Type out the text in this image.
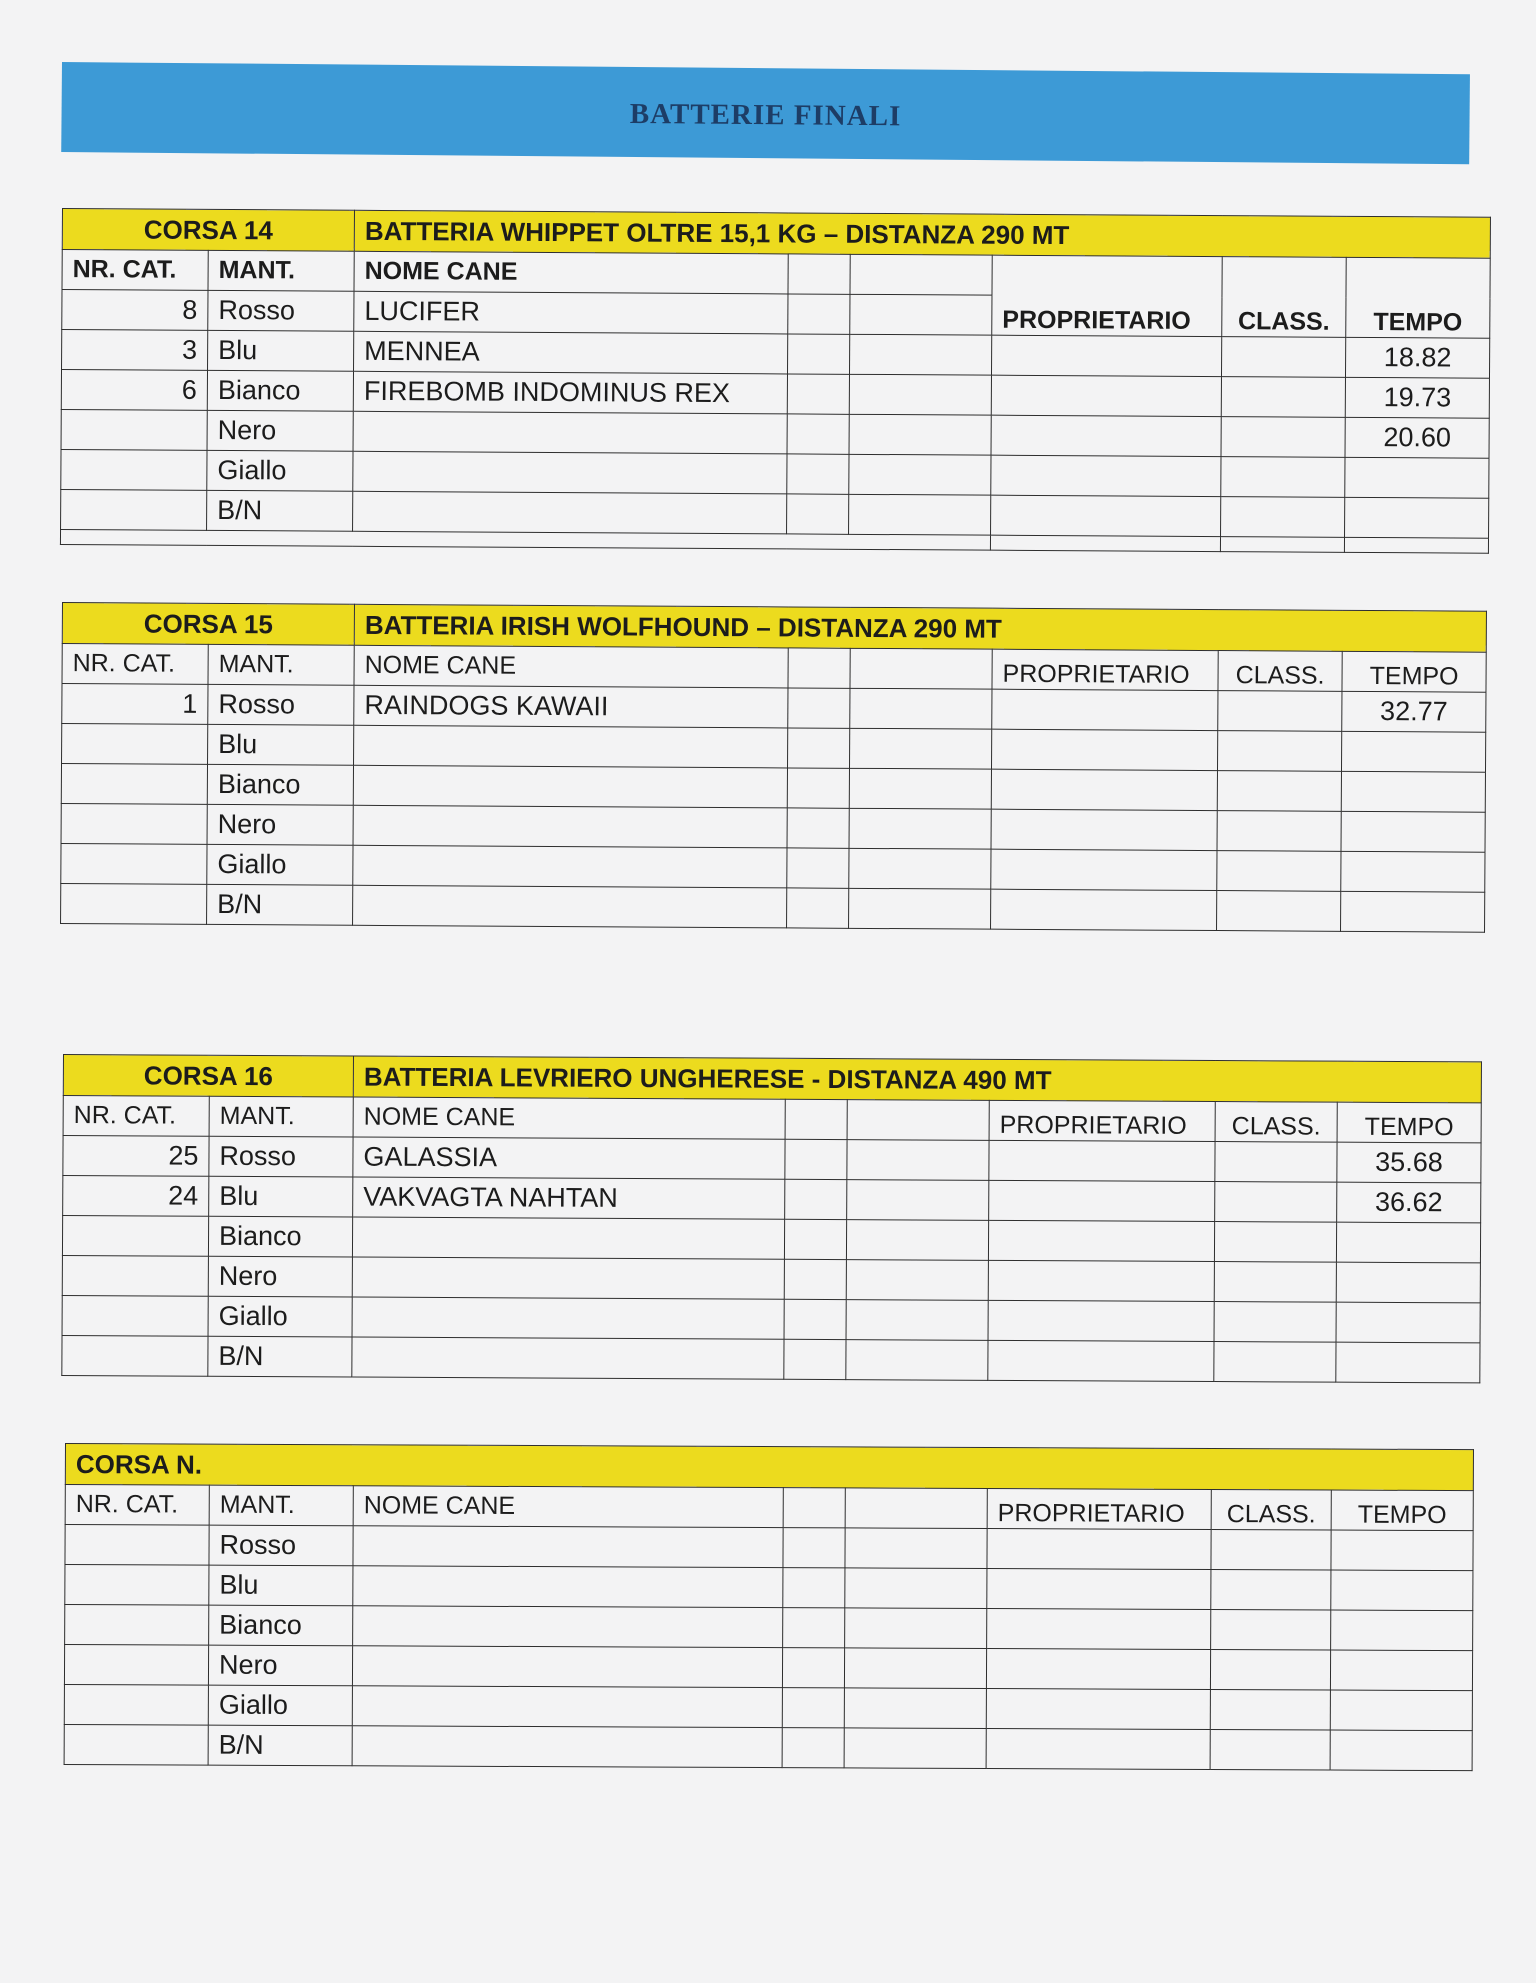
BATTERIE FINALI
CORSA 14		BATTERIA WHIPPET OLTRE 15,1 KG – DISTANZA 290 MT					
NR. CAT.	MANT.	NOME CANE			PROPRIETARIO	CLASS.	TEMPO
8	Rosso	LUCIFER					
3	Blu	MENNEA					18.82
6	Bianco	FIREBOMB INDOMINUS REX					19.73
	Nero						20.60
	Giallo						
	B/N						

CORSA 15		BATTERIA IRISH WOLFHOUND – DISTANZA 290 MT					
NR. CAT.	MANT.	NOME CANE			PROPRIETARIO	CLASS.	TEMPO
1	Rosso	RAINDOGS KAWAII					32.77
	Blu						
	Bianco						
	Nero						
	Giallo						
	B/N						
CORSA 16		BATTERIA LEVRIERO UNGHERESE - DISTANZA 490 MT					
NR. CAT.	MANT.	NOME CANE			PROPRIETARIO	CLASS.	TEMPO
25	Rosso	GALASSIA					35.68
24	Blu	VAKVAGTA NAHTAN					36.62
	Bianco						
	Nero						
	Giallo						
	B/N						
CORSA N.							
NR. CAT.	MANT.	NOME CANE			PROPRIETARIO	CLASS.	TEMPO
	Rosso						
	Blu						
	Bianco						
	Nero						
	Giallo						
	B/N						
